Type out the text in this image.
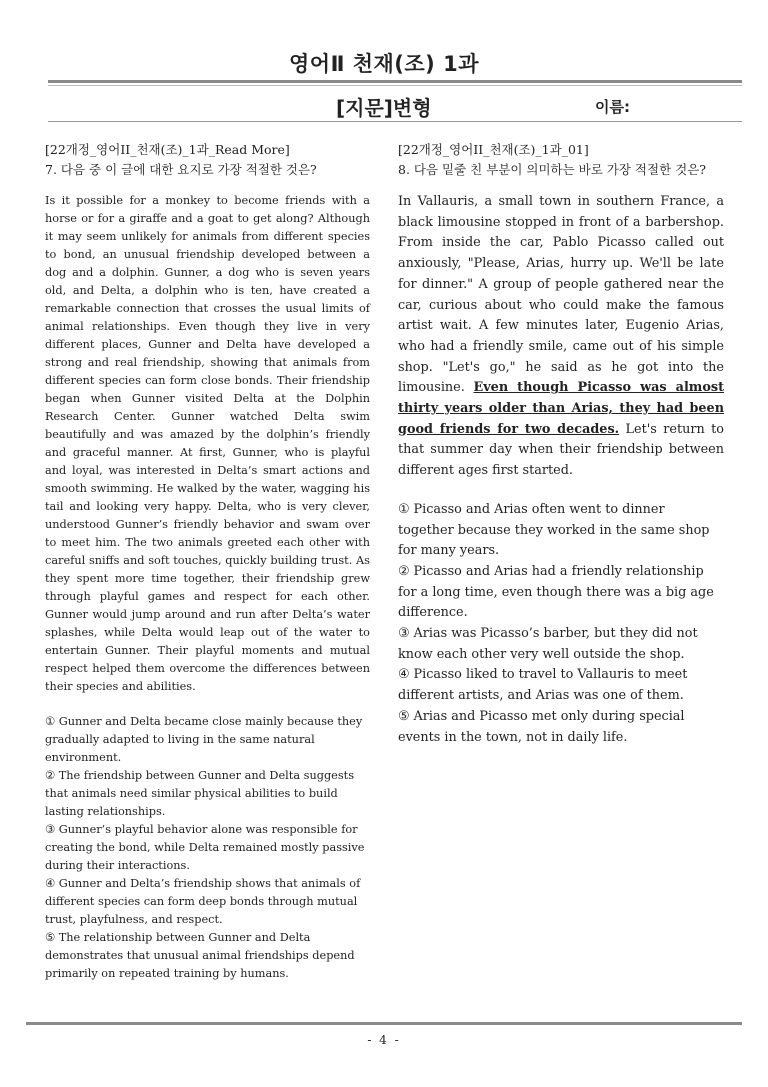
영어Ⅱ 천재(조) 1과
[지문]변형	이름:
[22개정_영어II_천재(조)_1과_Read More]
7. 다음 중 이 글에 대한 요지로 가장 적절한 것은?
Is it possible for a monkey to become friends with a horse or for a giraffe and a goat to get along? Although it may seem unlikely for animals from different species to bond, an unusual friendship developed between a dog and a dolphin. Gunner, a dog who is seven years old, and Delta, a dolphin who is ten, have created a remarkable connection that crosses the usual limits of animal relationships. Even though they live in very different places, Gunner and Delta have developed a strong and real friendship, showing that animals from different species can form close bonds. Their friendship began when Gunner visited Delta at the Dolphin Research Center. Gunner watched Delta swim beautifully and was amazed by the dolphin’s friendly and graceful manner. At first, Gunner, who is playful and loyal, was interested in Delta’s smart actions and smooth swimming. He walked by the water, wagging his tail and looking very happy. Delta, who is very clever, understood Gunner’s friendly behavior and swam over to meet him. The two animals greeted each other with careful sniffs and soft touches, quickly building trust. As they spent more time together, their friendship grew through playful games and respect for each other. Gunner would jump around and run after Delta’s water splashes, while Delta would leap out of the water to entertain Gunner. Their playful moments and mutual respect helped them overcome the differences between their species and abilities.
① Gunner and Delta became close mainly because they gradually adapted to living in the same natural environment.
② The friendship between Gunner and Delta suggests that animals need similar physical abilities to build lasting relationships.
③ Gunner’s playful behavior alone was responsible for creating the bond, while Delta remained mostly passive during their interactions.
④ Gunner and Delta’s friendship shows that animals of different species can form deep bonds through mutual trust, playfulness, and respect.
⑤ The relationship between Gunner and Delta demonstrates that unusual animal friendships depend primarily on repeated training by humans.
[22개정_영어II_천재(조)_1과_01]
8. 다음 밑줄 친 부분이 의미하는 바로 가장 적절한 것은?
In Vallauris, a small town in southern France, a black limousine stopped in front of a barbershop. From inside the car, Pablo Picasso called out anxiously, "Please, Arias, hurry up. We'll be late for dinner." A group of people gathered near the car, curious about who could make the famous artist wait. A few minutes later, Eugenio Arias, who had a friendly smile, came out of his simple shop. "Let's go," he said as he got into the limousine. Even though Picasso was almost thirty years older than Arias, they had been good friends for two decades. Let's return to that summer day when their friendship between different ages first started.
① Picasso and Arias often went to dinner together because they worked in the same shop for many years.
② Picasso and Arias had a friendly relationship for a long time, even though there was a big age difference.
③ Arias was Picasso’s barber, but they did not know each other very well outside the shop.
④ Picasso liked to travel to Vallauris to meet different artists, and Arias was one of them.
⑤ Arias and Picasso met only during special events in the town, not in daily life.
- 4 -
